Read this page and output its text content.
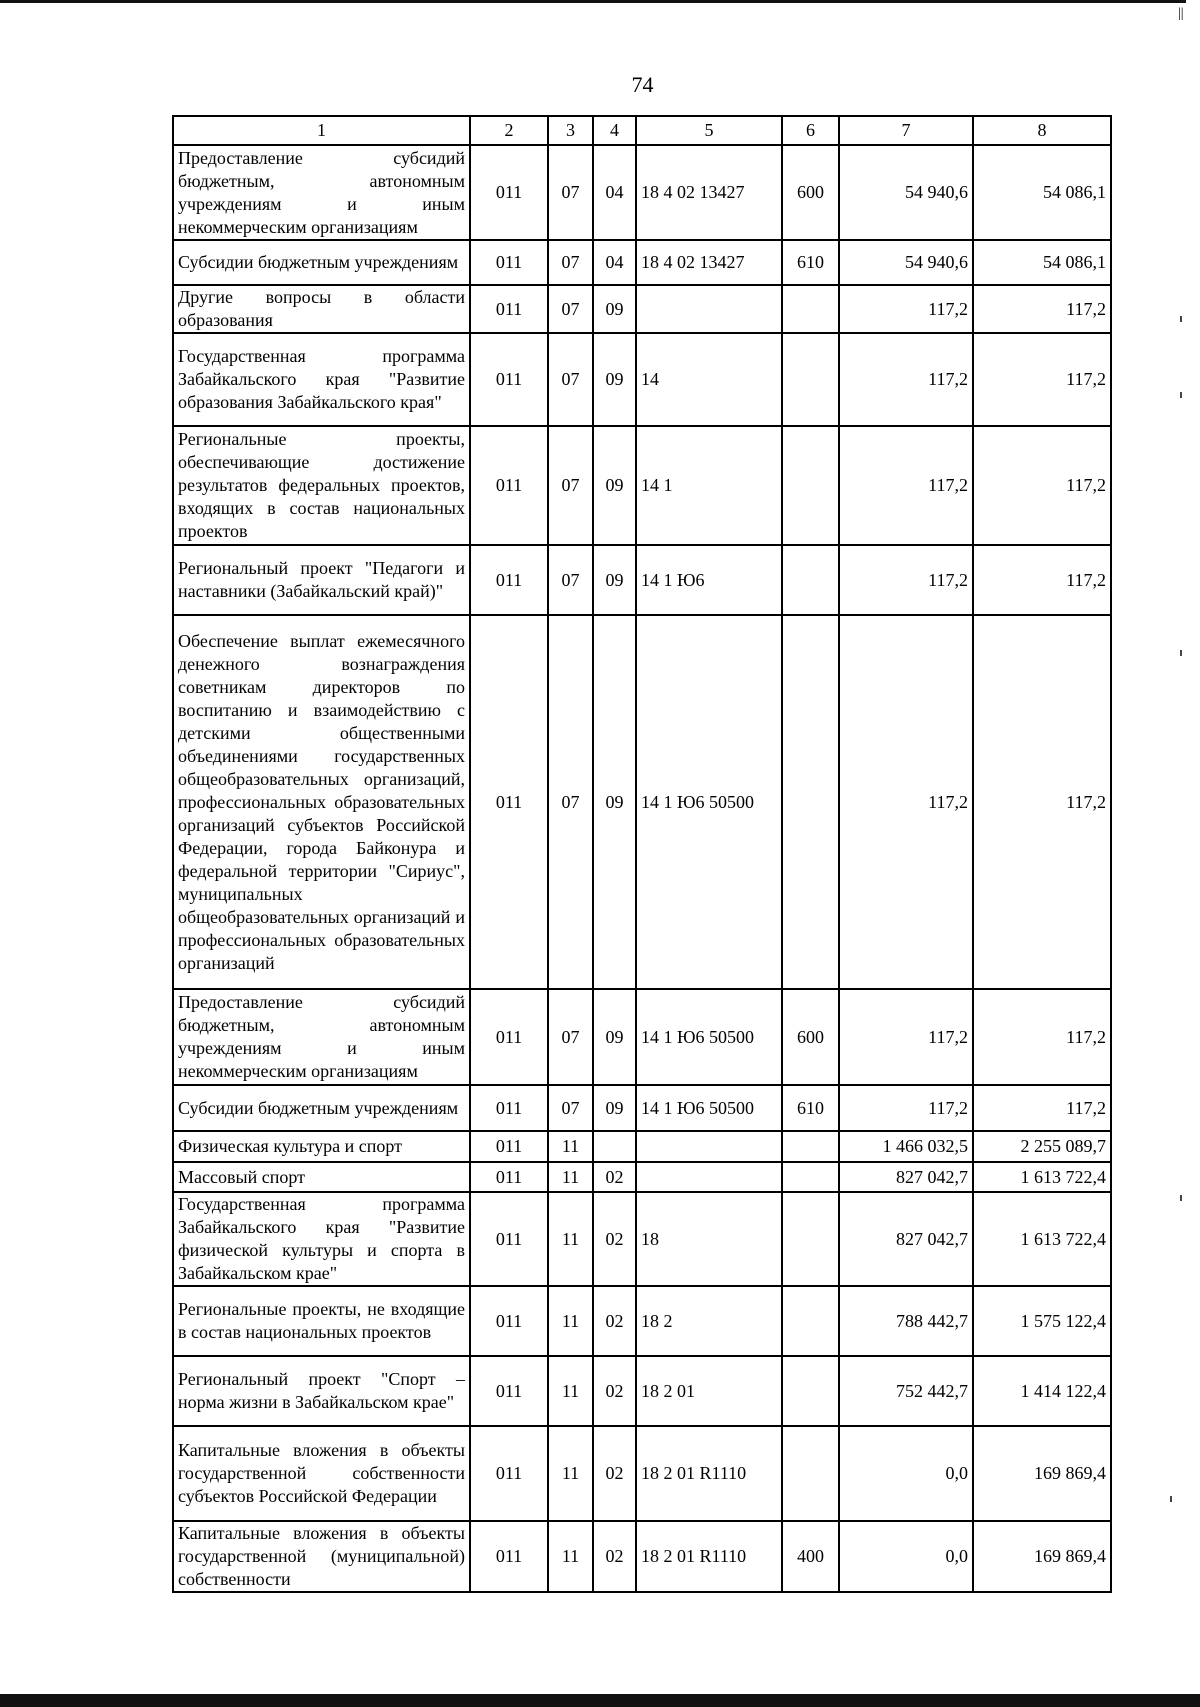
||
74
1	2	3	4	5	6	7	8
Предоставление субсидий бюджетным, автономным учреждениям и иным некоммерческим организациям	011	07	04	18 4 02 13427	600	54 940,6	54 086,1
Субсидии бюджетным учреждениям	011	07	04	18 4 02 13427	610	54 940,6	54 086,1
Другие вопросы в области образования	011	07	09			117,2	117,2
Государственная программа Забайкальского края "Развитие образования Забайкальского края"	011	07	09	14		117,2	117,2
Региональные проекты, обеспечивающие достижение результатов федеральных проектов, входящих в состав национальных проектов	011	07	09	14 1		117,2	117,2
Региональный проект "Педагоги и наставники (Забайкальский край)"	011	07	09	14 1 Ю6		117,2	117,2
Обеспечение выплат ежемесячного денежного вознаграждения советникам директоров по воспитанию и взаимодействию с детскими общественными объединениями государственных общеобразовательных организаций, профессиональных образовательных организаций субъектов Российской Федерации, города Байконура и федеральной территории "Сириус", муниципальных общеобразовательных организаций и профессиональных образовательных организаций	011	07	09	14 1 Ю6 50500		117,2	117,2
Предоставление субсидий бюджетным, автономным учреждениям и иным некоммерческим организациям	011	07	09	14 1 Ю6 50500	600	117,2	117,2
Субсидии бюджетным учреждениям	011	07	09	14 1 Ю6 50500	610	117,2	117,2
Физическая культура и спорт	011	11				1 466 032,5	2 255 089,7
Массовый спорт	011	11	02			827 042,7	1 613 722,4
Государственная программа Забайкальского края "Развитие физической культуры и спорта в Забайкальском крае"	011	11	02	18		827 042,7	1 613 722,4
Региональные проекты, не входящие в состав национальных проектов	011	11	02	18 2		788 442,7	1 575 122,4
Региональный проект "Спорт – норма жизни в Забайкальском крае"	011	11	02	18 2 01		752 442,7	1 414 122,4
Капитальные вложения в объекты государственной собственности субъектов Российской Федерации	011	11	02	18 2 01 R1110		0,0	169 869,4
Капитальные вложения в объекты государственной (муниципальной) собственности	011	11	02	18 2 01 R1110	400	0,0	169 869,4
